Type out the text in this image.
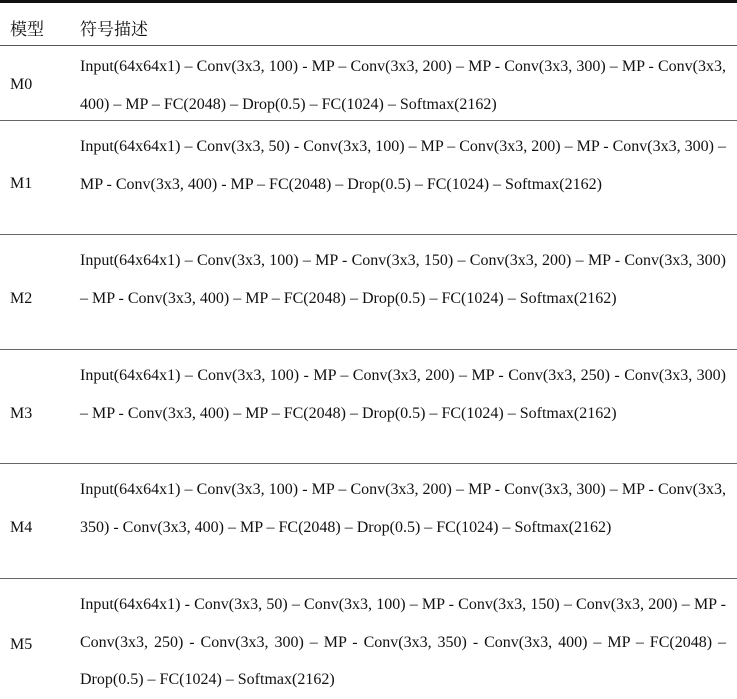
模型 符号描述
M0
Input(64x64x1) – Conv(3x3, 100) - MP – Conv(3x3, 200) – MP - Conv(3x3, 300) – MP - Conv(3x3, 400) – MP – FC(2048) – Drop(0.5) – FC(1024) – Softmax(2162)
M1
Input(64x64x1) – Conv(3x3, 50) - Conv(3x3, 100) – MP – Conv(3x3, 200) – MP - Conv(3x3, 300) – MP - Conv(3x3, 400) - MP – FC(2048) – Drop(0.5) – FC(1024) – Softmax(2162)
M2
Input(64x64x1) – Conv(3x3, 100) – MP - Conv(3x3, 150) – Conv(3x3, 200) – MP - Conv(3x3, 300) – MP - Conv(3x3, 400) – MP – FC(2048) – Drop(0.5) – FC(1024) – Softmax(2162)
M3
Input(64x64x1) – Conv(3x3, 100) - MP – Conv(3x3, 200) – MP - Conv(3x3, 250) - Conv(3x3, 300) – MP - Conv(3x3, 400) – MP – FC(2048) – Drop(0.5) – FC(1024) – Softmax(2162)
M4
Input(64x64x1) – Conv(3x3, 100) - MP – Conv(3x3, 200) – MP - Conv(3x3, 300) – MP - Conv(3x3, 350) - Conv(3x3, 400) – MP – FC(2048) – Drop(0.5) – FC(1024) – Softmax(2162)
M5
Input(64x64x1) - Conv(3x3, 50) – Conv(3x3, 100) – MP - Conv(3x3, 150) – Conv(3x3, 200) – MP - Conv(3x3, 250) - Conv(3x3, 300) – MP - Conv(3x3, 350) - Conv(3x3, 400) – MP – FC(2048) – Drop(0.5) – FC(1024) – Softmax(2162)
